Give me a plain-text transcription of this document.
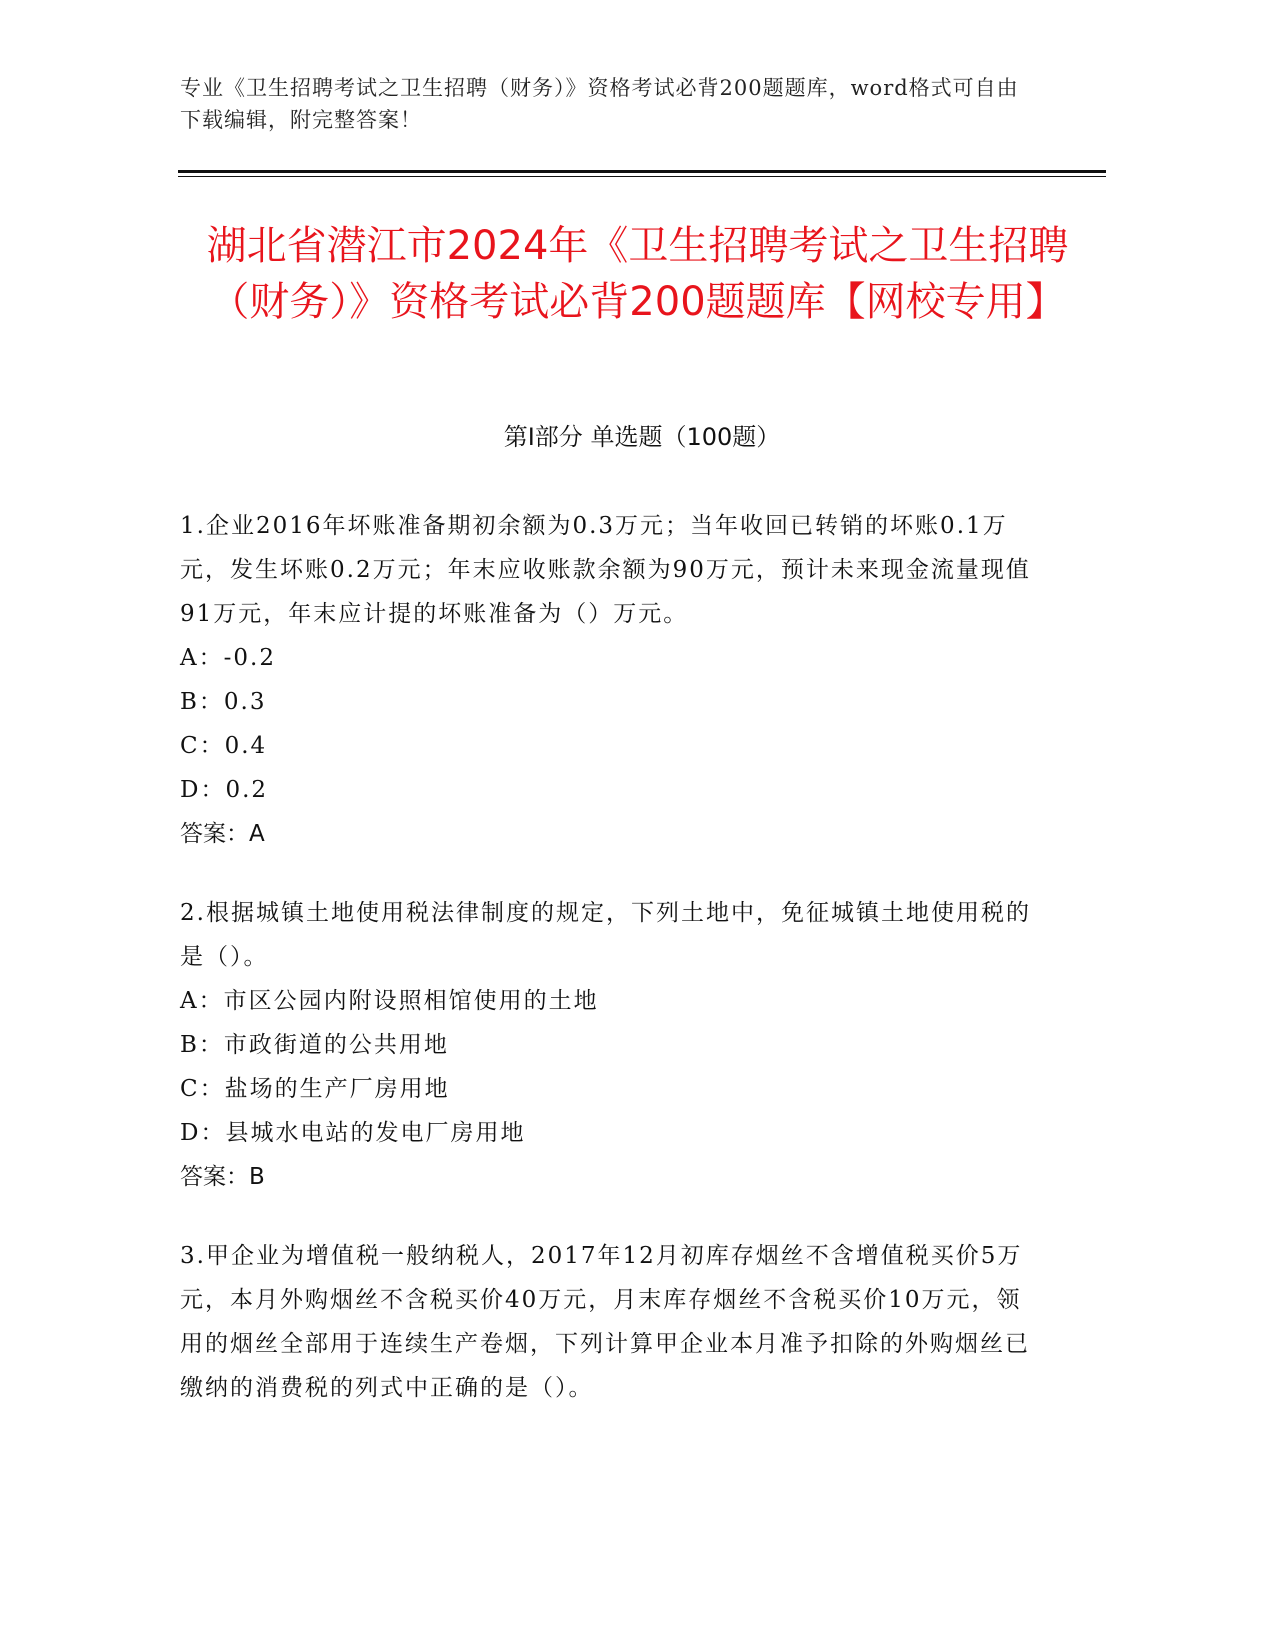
专业《卫生招聘考试之卫生招聘（财务）》资格考试必背200题题库，word格式可自由下载编辑，附完整答案！
湖北省潜江市2024年《卫生招聘考试之卫生招聘（财务）》资格考试必背200题题库【网校专用】
第Ⅰ部分 单选题（100题）

1.企业2016年坏账准备期初余额为0.3万元；当年收回已转销的坏账0.1万元，发生坏账0.2万元；年末应收账款余额为90万元，预计未来现金流量现值91万元，年末应计提的坏账准备为（）万元。

A：-0.2

B：0.3

C：0.4

D：0.2

答案：A

2.根据城镇土地使用税法律制度的规定，下列土地中，免征城镇土地使用税的是（）。

A：市区公园内附设照相馆使用的土地

B：市政街道的公共用地

C：盐场的生产厂房用地

D：县城水电站的发电厂房用地

答案：B

3.甲企业为增值税一般纳税人，2017年12月初库存烟丝不含增值税买价5万元，本月外购烟丝不含税买价40万元，月末库存烟丝不含税买价10万元，领用的烟丝全部用于连续生产卷烟，下列计算甲企业本月准予扣除的外购烟丝已缴纳的消费税的列式中正确的是（）。
